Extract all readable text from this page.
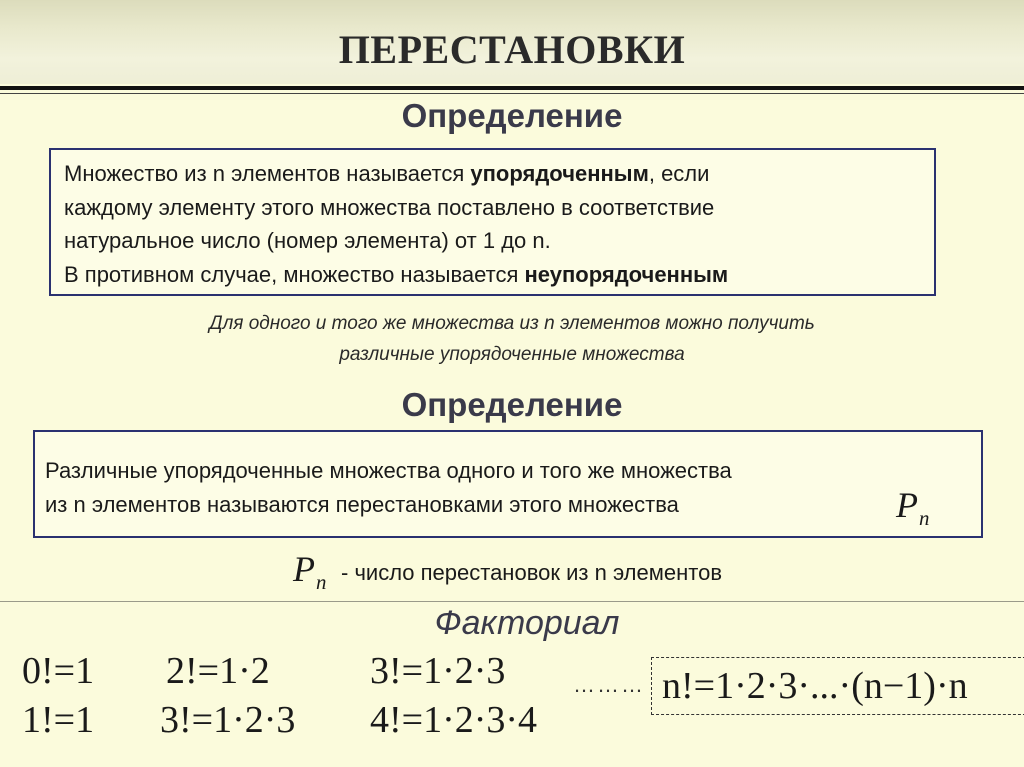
ПЕРЕСТАНОВКИ
Определение
Множество из n элементов называется упорядоченным, если
каждому элементу этого множества поставлено в соответствие
натуральное число (номер элемента) от 1 до n.
В противном случае, множество называется неупорядоченным
Для одного и того же множества из n элементов можно получить
различные упорядоченные множества
Определение
Различные упорядоченные множества одного и того же множества
из n элементов называются перестановками этого множества	$P_n$
$P_n$ - число перестановок из n элементов
Факториал
0!=1
1!=1
2!=1·2
3!=1·2·3
3!=1·2·3
4!=1·2·3·4
……… n!=1·2·3·...·(n−1)·n
